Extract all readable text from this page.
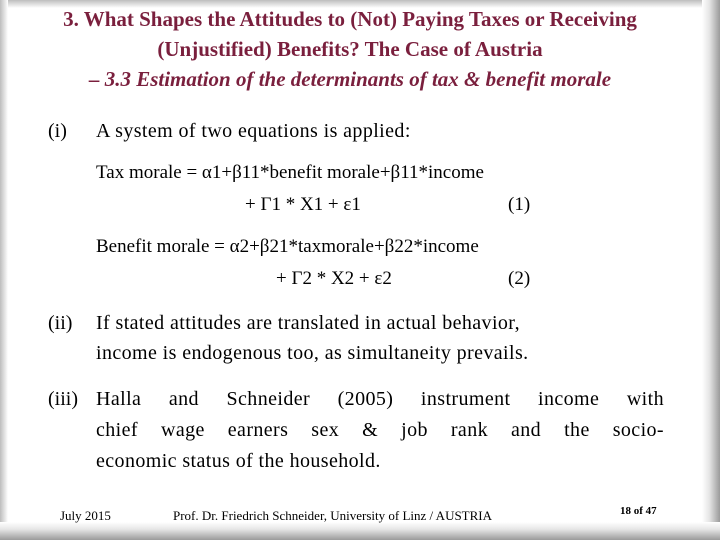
3. What Shapes the Attitudes to (Not) Paying Taxes or Receiving
(Unjustified) Benefits? The Case of Austria
– 3.3 Estimation of the determinants of tax & benefit morale
(i) A system of two equations is applied:
Tax morale = α1+β11*benefit morale+β11*income
+ Γ1 * X1 + ε1	(1)
Benefit morale = α2+β21*taxmorale+β22*income
+ Γ2 * X2 + ε2	(2)
(ii) If stated attitudes are translated in actual behavior,
income is endogenous too, as simultaneity prevails.
(iii) Halla and Schneider (2005) instrument income with
chief wage earners sex & job rank and the socio-
economic status of the household.
July 2015	Prof. Dr. Friedrich Schneider, University of Linz / AUSTRIA	18 of 47
